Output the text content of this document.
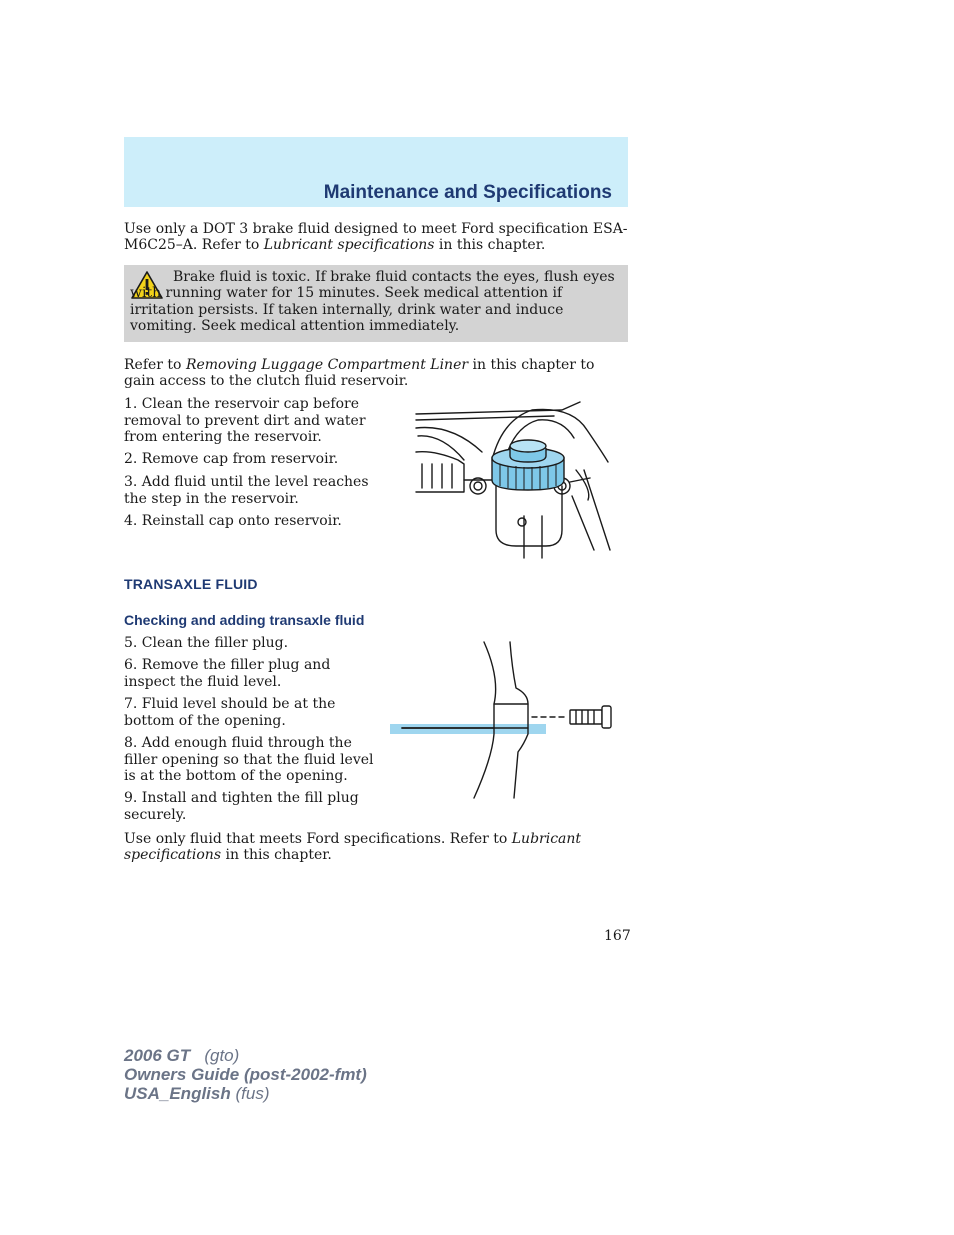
Maintenance and Specifications

Use only a DOT 3 brake fluid designed to meet Ford specification ESA-M6C25–A. Refer to Lubricant specifications in this chapter.

Brake fluid is toxic. If brake fluid contacts the eyes, flush eyes with running water for 15 minutes. Seek medical attention if irritation persists. If taken internally, drink water and induce vomiting. Seek medical attention immediately.

Refer to Removing Luggage Compartment Liner in this chapter to gain access to the clutch fluid reservoir.

1. Clean the reservoir cap before removal to prevent dirt and water from entering the reservoir.

2. Remove cap from reservoir.

3. Add fluid until the level reaches the step in the reservoir.

4. Reinstall cap onto reservoir.

TRANSAXLE FLUID
Checking and adding transaxle fluid

5. Clean the filler plug.

6. Remove the filler plug and inspect the fluid level.

7. Fluid level should be at the bottom of the opening.

8. Add enough fluid through the filler opening so that the fluid level is at the bottom of the opening.

9. Install and tighten the fill plug securely.

Use only fluid that meets Ford specifications. Refer to Lubricant specifications in this chapter.

167

2006 GT (gto)
Owners Guide (post-2002-fmt)
USA_English (fus)
